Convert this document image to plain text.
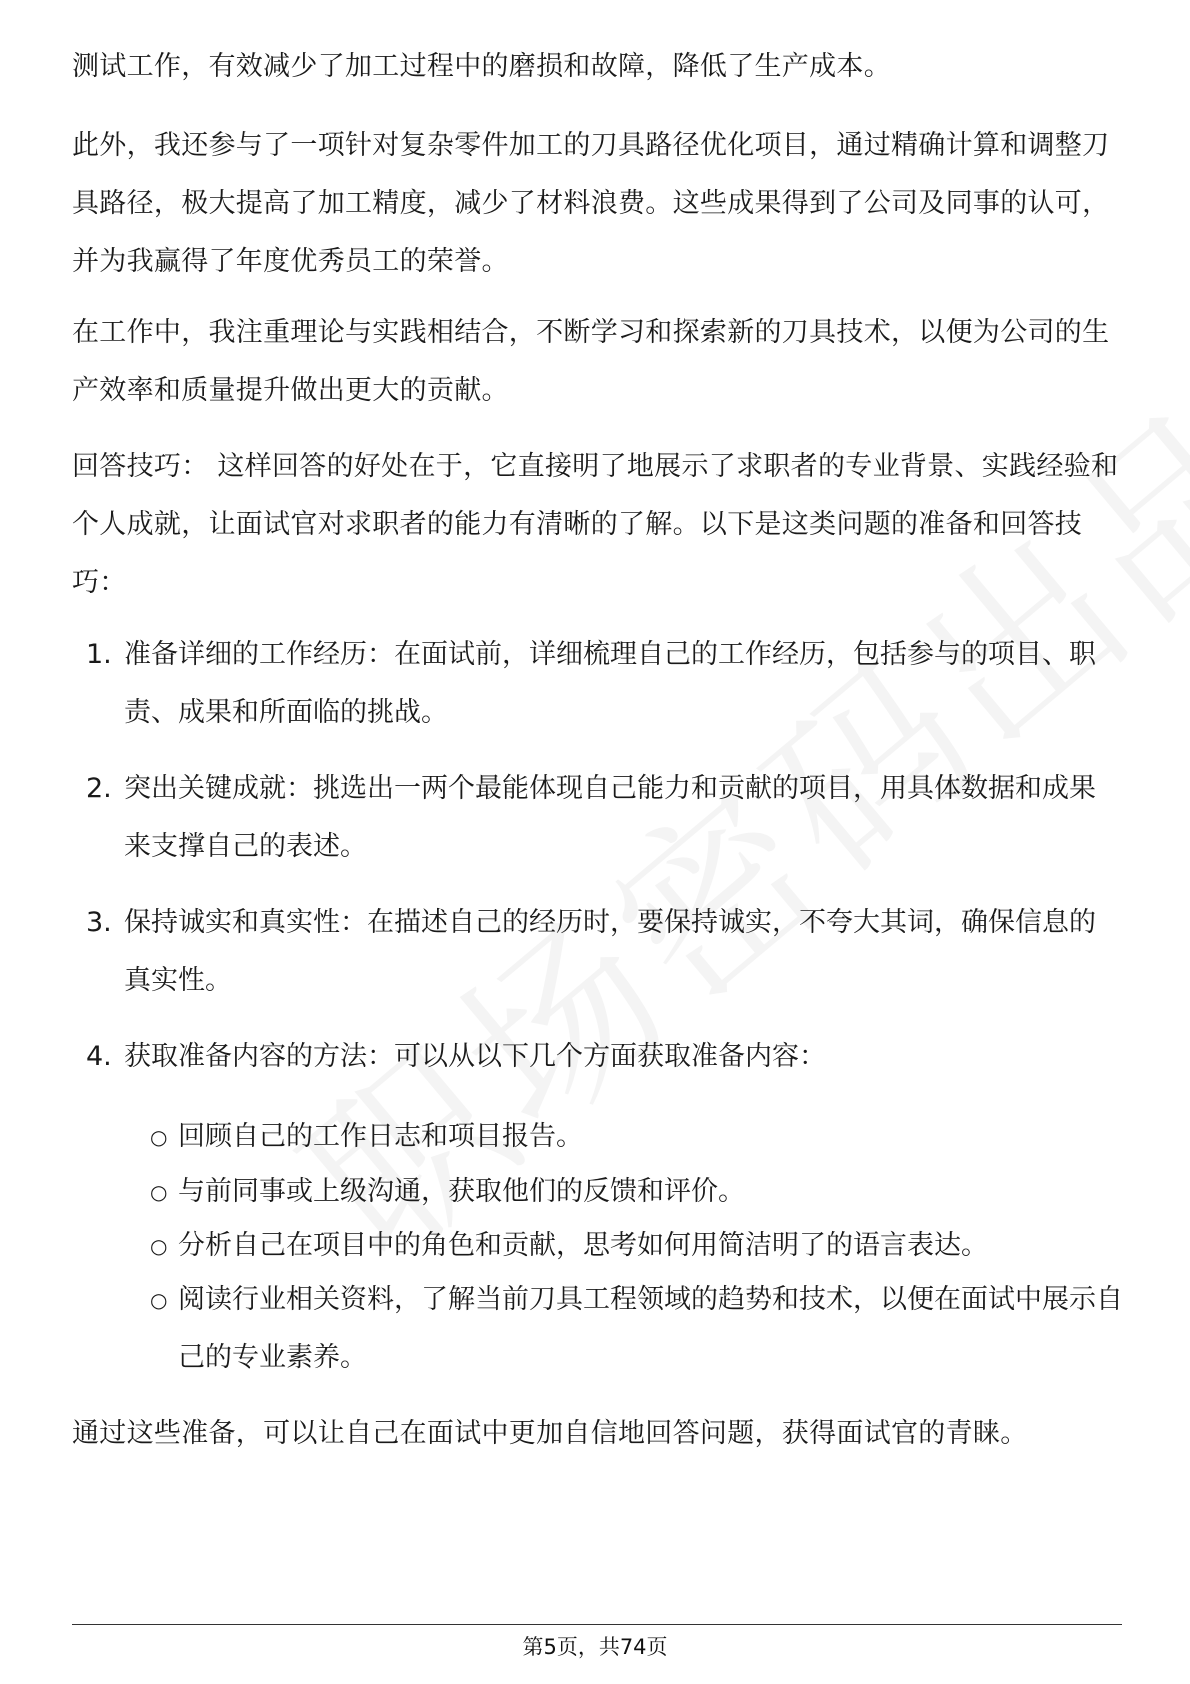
测试工作，有效减少了加工过程中的磨损和故障，降低了生产成本。

此外，我还参与了一项针对复杂零件加工的刀具路径优化项目，通过精确计算和调整刀具路径，极大提高了加工精度，减少了材料浪费。这些成果得到了公司及同事的认可，并为我赢得了年度优秀员工的荣誉。

在工作中，我注重理论与实践相结合，不断学习和探索新的刀具技术，以便为公司的生产效率和质量提升做出更大的贡献。

回答技巧： 这样回答的好处在于，它直接明了地展示了求职者的专业背景、实践经验和个人成就，让面试官对求职者的能力有清晰的了解。以下是这类问题的准备和回答技巧：

1. 准备详细的工作经历：在面试前，详细梳理自己的工作经历，包括参与的项目、职责、成果和所面临的挑战。
2. 突出关键成就：挑选出一两个最能体现自己能力和贡献的项目，用具体数据和成果来支撑自己的表述。
3. 保持诚实和真实性：在描述自己的经历时，要保持诚实，不夸大其词，确保信息的真实性。
4. 获取准备内容的方法：可以从以下几个方面获取准备内容：
○ 回顾自己的工作日志和项目报告。
○ 与前同事或上级沟通，获取他们的反馈和评价。
○ 分析自己在项目中的角色和贡献，思考如何用简洁明了的语言表达。
○ 阅读行业相关资料，了解当前刀具工程领域的趋势和技术，以便在面试中展示自己的专业素养。

通过这些准备，可以让自己在面试中更加自信地回答问题，获得面试官的青睐。

第5页，共74页
